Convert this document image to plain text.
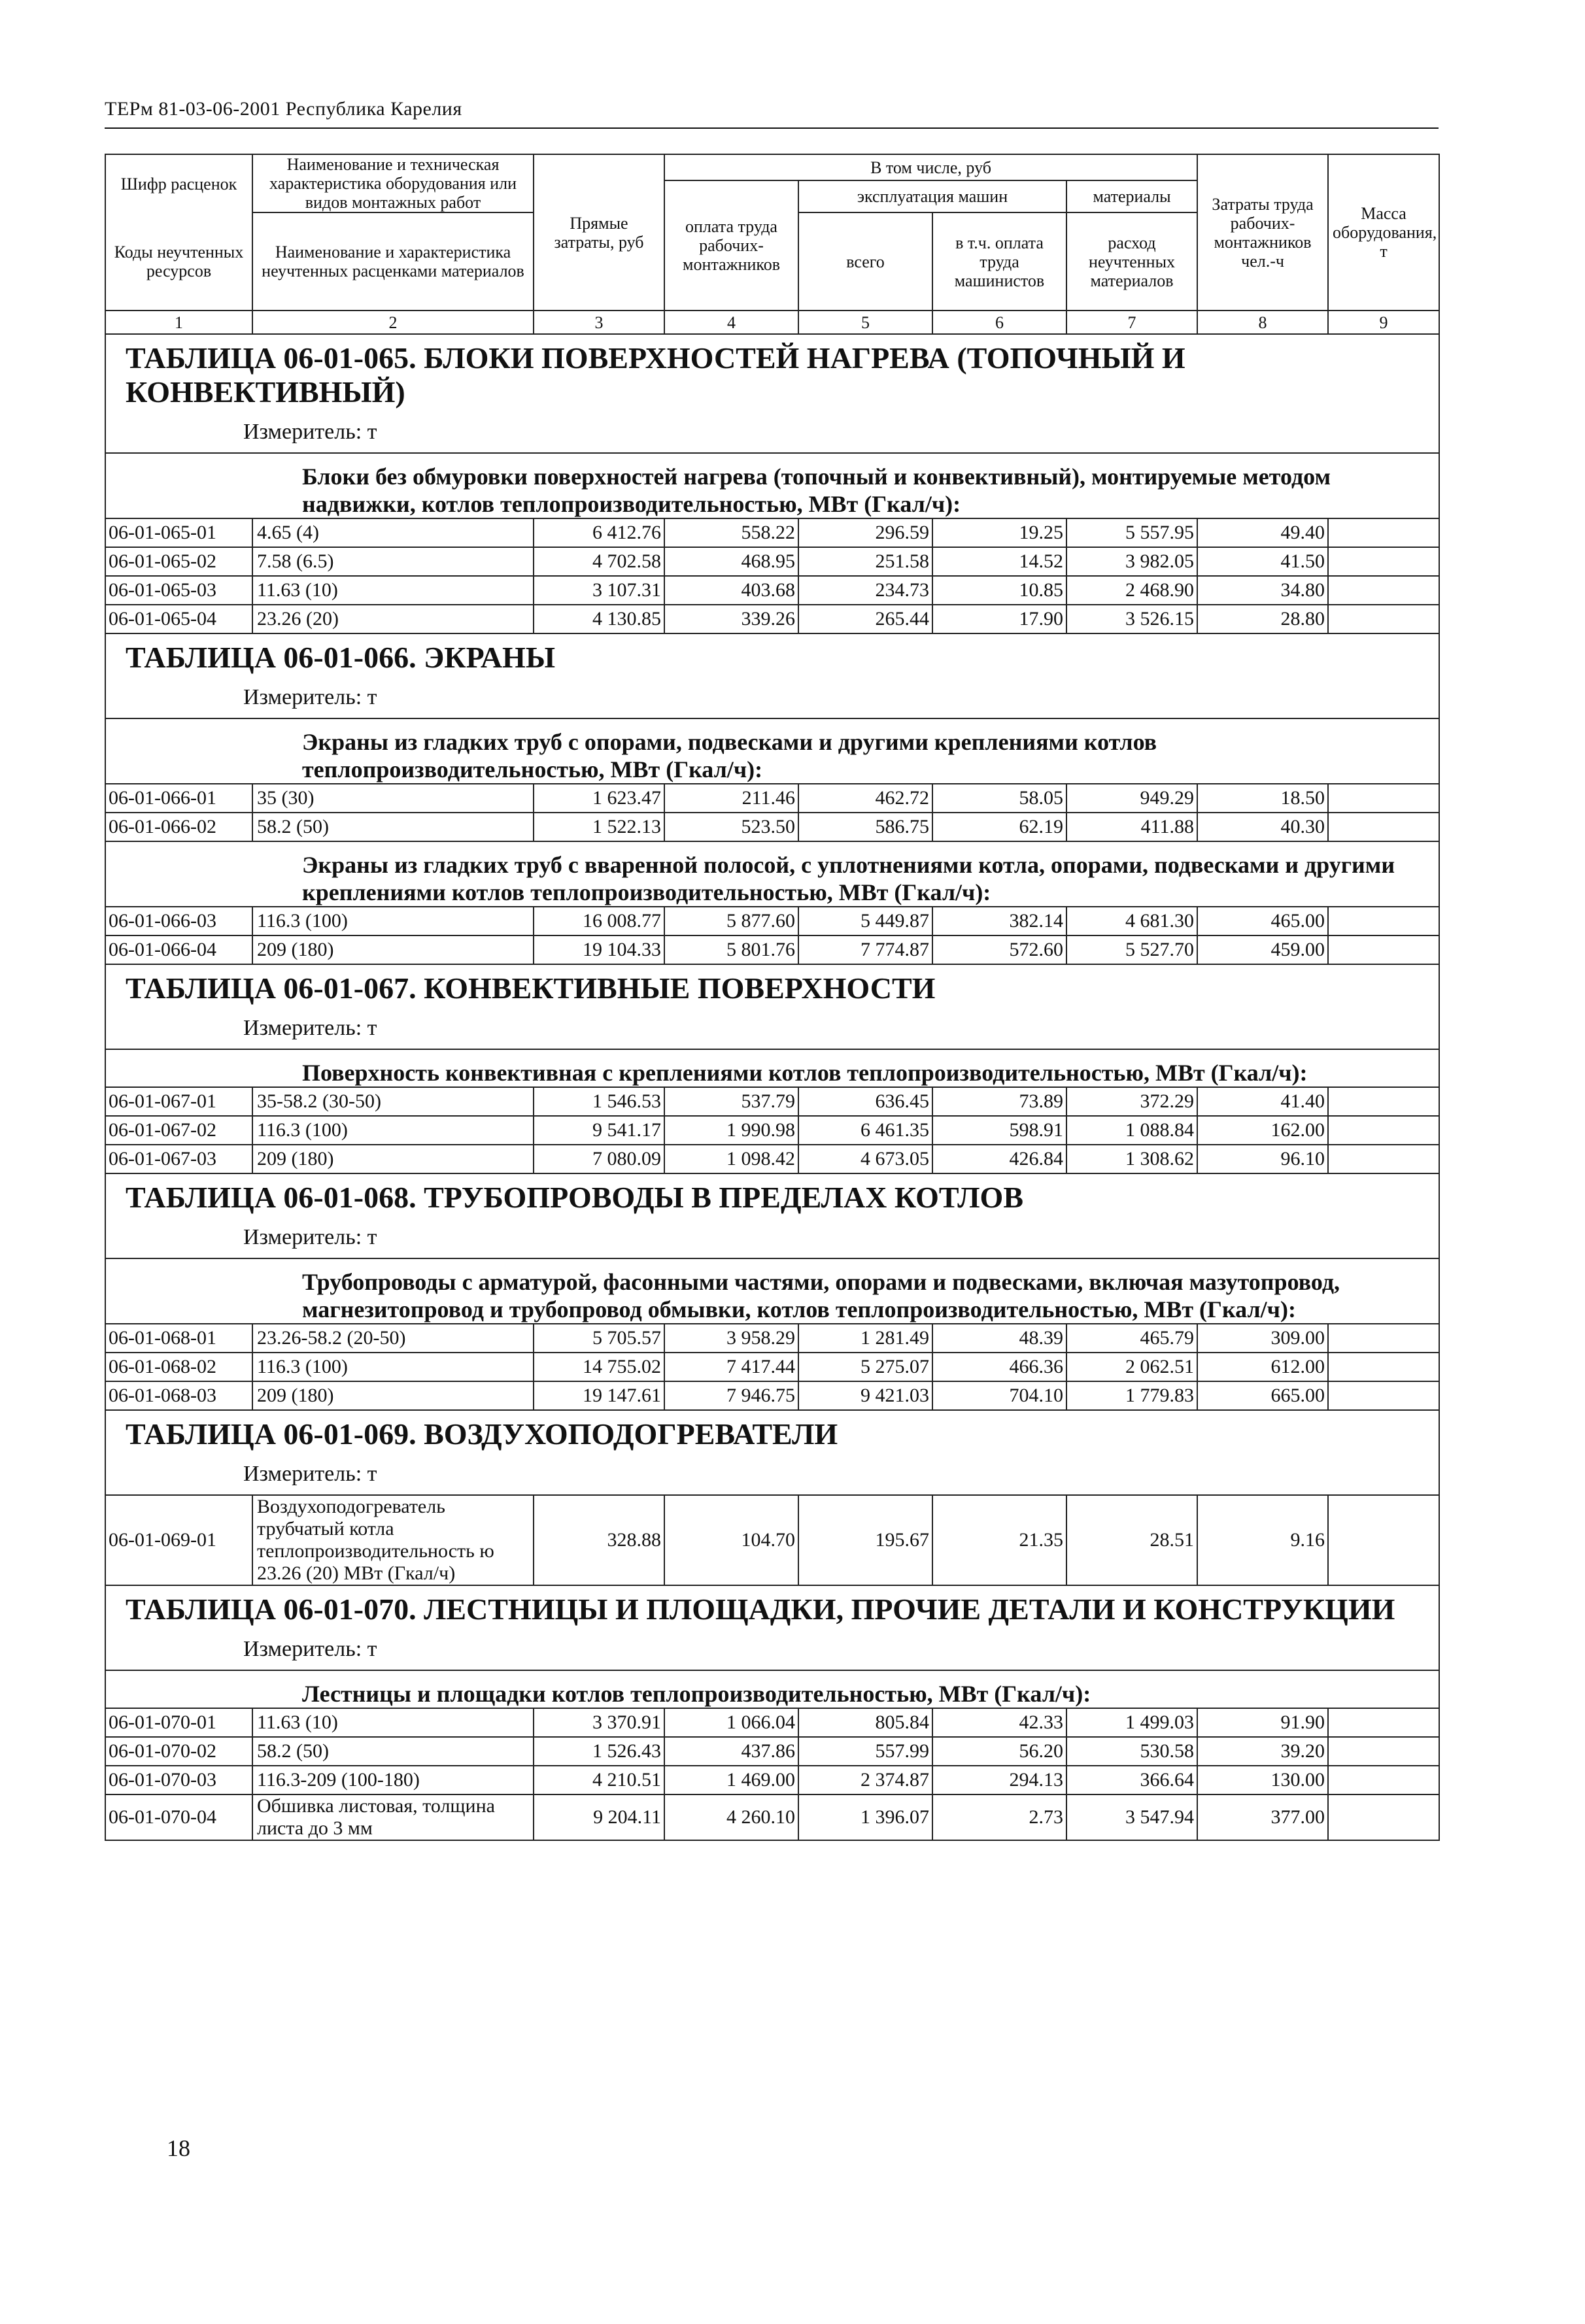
ТЕРм 81-03-06-2001 Республика Карелия
Шифр расценок	Наименование и техническая характеристика оборудования или видов монтажных работ	Прямые затраты, руб	В том числе, руб				Затраты труда рабочих-монтажников чел.-ч	Масса оборудования, т
			оплата труда рабочих-монтажников	эксплуатация машин		материалы		
Коды неучтенных ресурсов	Наименование и характеристика неучтенных расценками материалов			всего	в т.ч. оплата труда машинистов	расход неучтенных материалов		

1	2	3	4	5	6	7	8	9
ТАБЛИЦА 06-01-065. БЛОКИ ПОВЕРХНОСТЕЙ НАГРЕВА (ТОПОЧНЫЙ И КОНВЕКТИВНЫЙ)								
Измеритель: т								
Блоки без обмуровки поверхностей нагрева (топочный и конвективный), монтируемые методом надвижки, котлов теплопроизводительностью, МВт (Гкал/ч):								
06-01-065-01	4.65 (4)	6 412.76	558.22	296.59	19.25	5 557.95	49.40	
06-01-065-02	7.58 (6.5)	4 702.58	468.95	251.58	14.52	3 982.05	41.50	
06-01-065-03	11.63 (10)	3 107.31	403.68	234.73	10.85	2 468.90	34.80	
06-01-065-04	23.26 (20)	4 130.85	339.26	265.44	17.90	3 526.15	28.80	
ТАБЛИЦА 06-01-066. ЭКРАНЫ								
Измеритель: т								
Экраны из гладких труб с опорами, подвесками и другими креплениями котлов теплопроизводительностью, МВт (Гкал/ч):								
06-01-066-01	35 (30)	1 623.47	211.46	462.72	58.05	949.29	18.50	
06-01-066-02	58.2 (50)	1 522.13	523.50	586.75	62.19	411.88	40.30	
Экраны из гладких труб с вваренной полосой, с уплотнениями котла, опорами, подвесками и другими креплениями котлов теплопроизводительностью, МВт (Гкал/ч):								
06-01-066-03	116.3 (100)	16 008.77	5 877.60	5 449.87	382.14	4 681.30	465.00	
06-01-066-04	209 (180)	19 104.33	5 801.76	7 774.87	572.60	5 527.70	459.00	
ТАБЛИЦА 06-01-067. КОНВЕКТИВНЫЕ ПОВЕРХНОСТИ								
Измеритель: т								
Поверхность конвективная с креплениями котлов теплопроизводительностью, МВт (Гкал/ч):								
06-01-067-01	35-58.2 (30-50)	1 546.53	537.79	636.45	73.89	372.29	41.40	
06-01-067-02	116.3 (100)	9 541.17	1 990.98	6 461.35	598.91	1 088.84	162.00	
06-01-067-03	209 (180)	7 080.09	1 098.42	4 673.05	426.84	1 308.62	96.10	
ТАБЛИЦА 06-01-068. ТРУБОПРОВОДЫ В ПРЕДЕЛАХ КОТЛОВ								
Измеритель: т								
Трубопроводы с арматурой, фасонными частями, опорами и подвесками, включая мазутопровод, магнезитопровод и трубопровод обмывки, котлов теплопроизводительностью, МВт (Гкал/ч):								
06-01-068-01	23.26-58.2 (20-50)	5 705.57	3 958.29	1 281.49	48.39	465.79	309.00	
06-01-068-02	116.3 (100)	14 755.02	7 417.44	5 275.07	466.36	2 062.51	612.00	
06-01-068-03	209 (180)	19 147.61	7 946.75	9 421.03	704.10	1 779.83	665.00	
ТАБЛИЦА 06-01-069. ВОЗДУХОПОДОГРЕВАТЕЛИ								
Измеритель: т								
06-01-069-01	Воздухоподогреватель трубчатый котла теплопроизводительность ю 23.26 (20) МВт (Гкал/ч)	328.88	104.70	195.67	21.35	28.51	9.16	
ТАБЛИЦА 06-01-070. ЛЕСТНИЦЫ И ПЛОЩАДКИ, ПРОЧИЕ ДЕТАЛИ И КОНСТРУКЦИИ								
Измеритель: т								
Лестницы и площадки котлов теплопроизводительностью, МВт (Гкал/ч):								
06-01-070-01	11.63 (10)	3 370.91	1 066.04	805.84	42.33	1 499.03	91.90	
06-01-070-02	58.2 (50)	1 526.43	437.86	557.99	56.20	530.58	39.20	
06-01-070-03	116.3-209 (100-180)	4 210.51	1 469.00	2 374.87	294.13	366.64	130.00	
06-01-070-04	Обшивка листовая, толщина листа до 3 мм	9 204.11	4 260.10	1 396.07	2.73	3 547.94	377.00	
18
